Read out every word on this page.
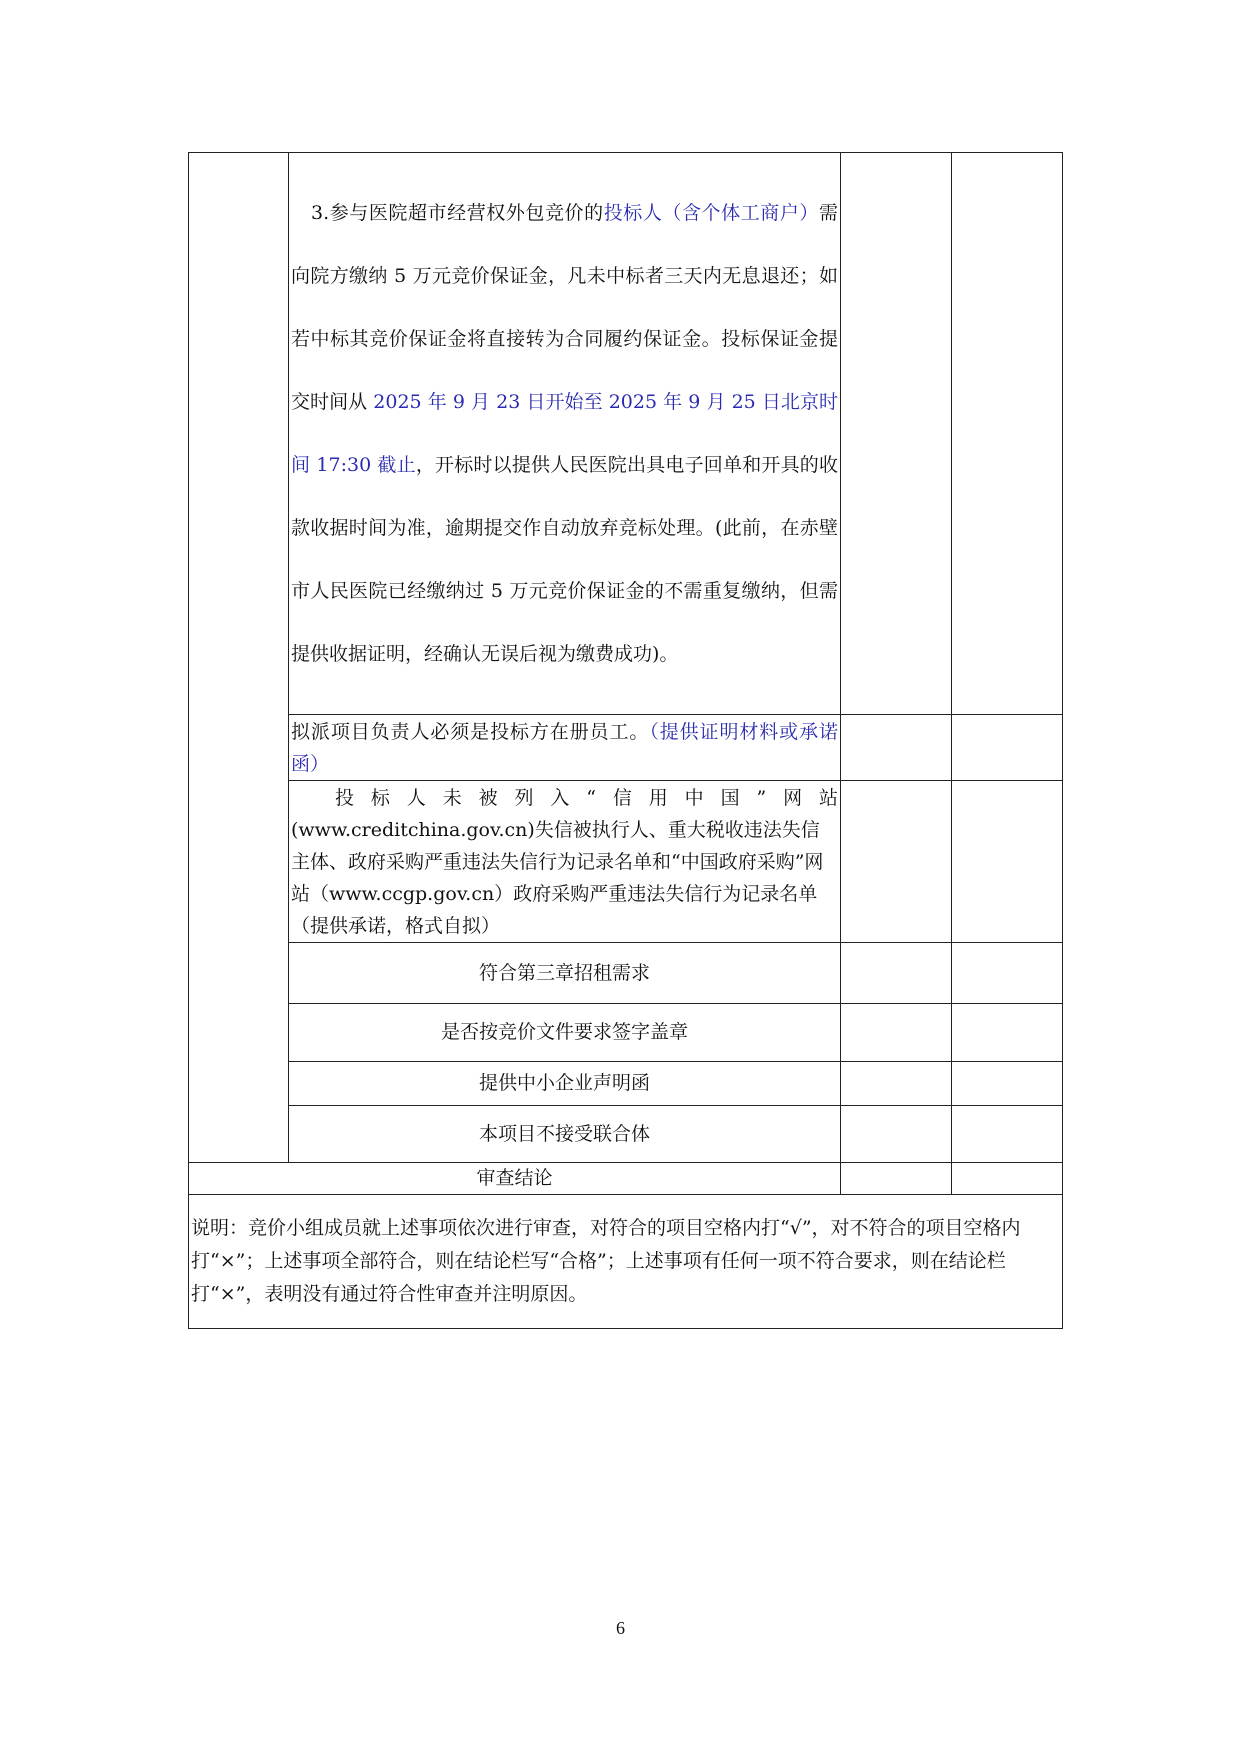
	3.参与医院超市经营权外包竞价的投标人（含个体工商户）需向院方缴纳 5 万元竞价保证金，凡未中标者三天内无息退还；如若中标其竞价保证金将直接转为合同履约保证金。投标保证金提交时间从 2025 年 9 月 23 日开始至 2025 年 9 月 25 日北京时间 17:30 截止，开标时以提供人民医院出具电子回单和开具的收款收据时间为准，逾期提交作自动放弃竞标处理。(此前，在赤壁市人民医院已经缴纳过 5 万元竞价保证金的不需重复缴纳，但需提供收据证明，经确认无误后视为缴费成功)。		
	拟派项目负责人必须是投标方在册员工。（提供证明材料或承诺函）		

	投标人未被列入“信用中国”网站
(www.creditchina.gov.cn)失信被执行人、重大税收违法失信主体、政府采购严重违法失信行为记录名单和“中国政府采购”网站（www.ccgp.gov.cn）政府采购严重违法失信行为记录名单（提供承诺，格式自拟）		
	符合第三章招租需求		
	是否按竞价文件要求签字盖章		
	提供中小企业声明函		
	本项目不接受联合体		
审查结论			
说明：竞价小组成员就上述事项依次进行审查，对符合的项目空格内打“√”，对不符合的项目空格内打“×”；上述事项全部符合，则在结论栏写“合格”；上述事项有任何一项不符合要求，则在结论栏打“×”，表明没有通过符合性审查并注明原因。			
6
